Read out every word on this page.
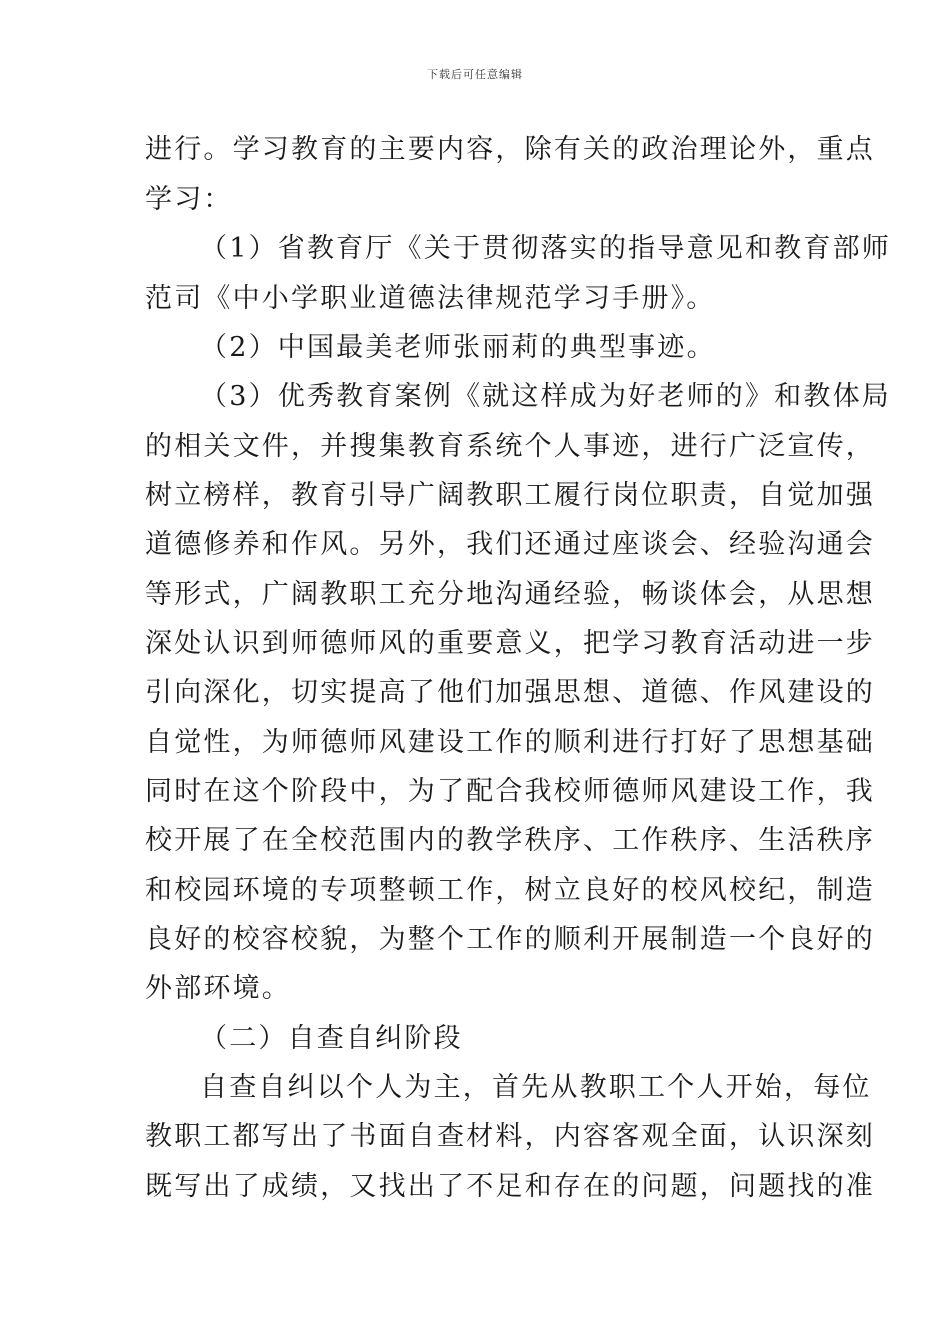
下载后可任意编辑
进行。学习教育的主要内容，除有关的政治理论外，重点
学习：
（1）省教育厅《关于贯彻落实的指导意见和教育部师
范司《中小学职业道德法律规范学习手册》。
（2）中国最美老师张丽莉的典型事迹。
（3）优秀教育案例《就这样成为好老师的》和教体局
的相关文件，并搜集教育系统个人事迹，进行广泛宣传，
树立榜样，教育引导广阔教职工履行岗位职责，自觉加强
道德修养和作风。另外，我们还通过座谈会、经验沟通会
等形式，广阔教职工充分地沟通经验，畅谈体会，从思想
深处认识到师德师风的重要意义，把学习教育活动进一步
引向深化，切实提高了他们加强思想、道德、作风建设的
自觉性，为师德师风建设工作的顺利进行打好了思想基础
同时在这个阶段中，为了配合我校师德师风建设工作，我
校开展了在全校范围内的教学秩序、工作秩序、生活秩序
和校园环境的专项整顿工作，树立良好的校风校纪，制造
良好的校容校貌，为整个工作的顺利开展制造一个良好的
外部环境。
（二）自查自纠阶段
自查自纠以个人为主，首先从教职工个人开始，每位
教职工都写出了书面自查材料，内容客观全面，认识深刻
既写出了成绩，又找出了不足和存在的问题，问题找的准
